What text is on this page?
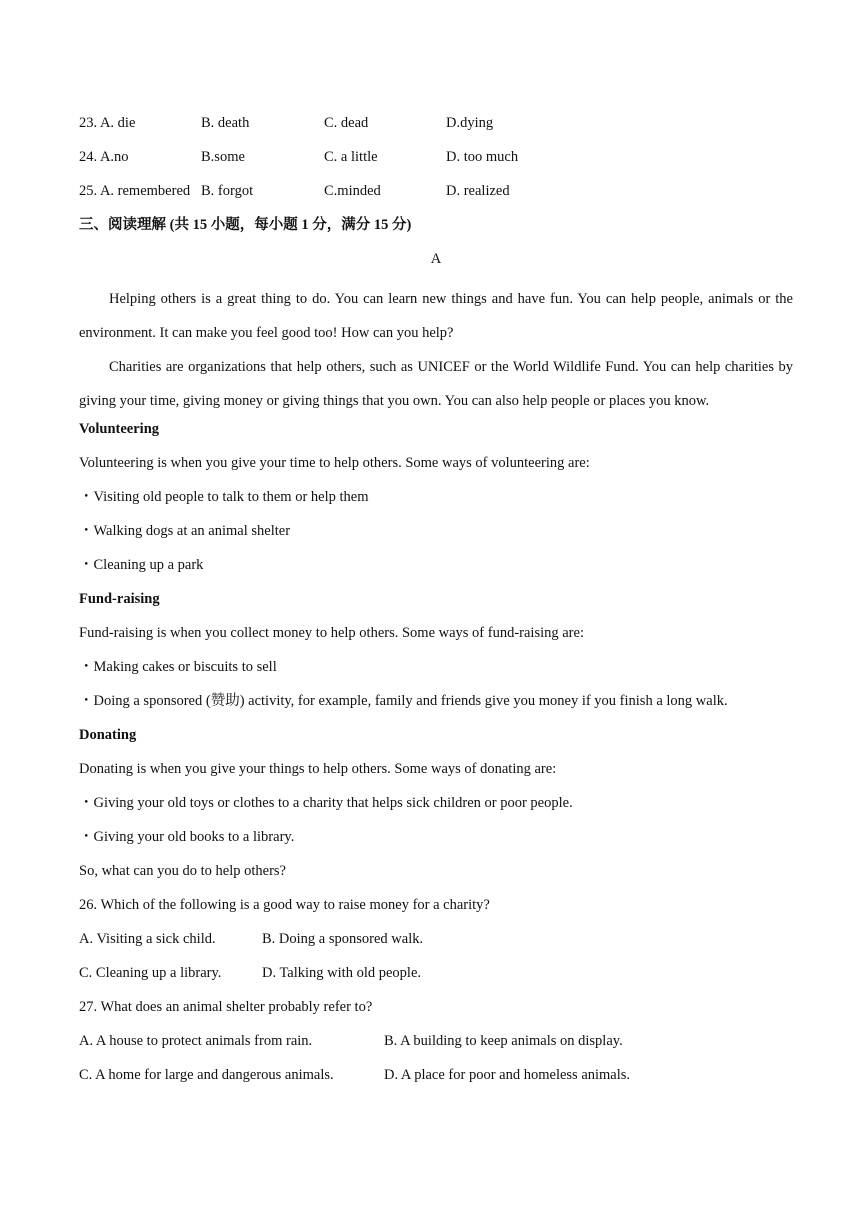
23. A. die	B. death	C. dead	D.dying
24. A.no	B.some	C. a little	D. too much
25. A. remembered B. forgot	C.minded	D. realized
三、阅读理解 (共 15 小题，每小题 1 分，满分 15 分)
A

Helping others is a great thing to do. You can learn new things and have fun. You can help people, animals or the environment. It can make you feel good too! How can you help?

Charities are organizations that help others, such as UNICEF or the World Wildlife Fund. You can help charities by giving your time, giving money or giving things that you own. You can also help people or places you know.

Volunteering
Volunteering is when you give your time to help others. Some ways of volunteering are:
・Visiting old people to talk to them or help them
・Walking dogs at an animal shelter
・Cleaning up a park
Fund-raising
Fund-raising is when you collect money to help others. Some ways of fund-raising are:
・Making cakes or biscuits to sell
・Doing a sponsored (赞助) activity, for example, family and friends give you money if you finish a long walk.
Donating
Donating is when you give your things to help others. Some ways of donating are:
・Giving your old toys or clothes to a charity that helps sick children or poor people.
・Giving your old books to a library.
So, what can you do to help others?
26. Which of the following is a good way to raise money for a charity?
A. Visiting a sick child.	B. Doing a sponsored walk.
C. Cleaning up a library.	D. Talking with old people.
27. What does an animal shelter probably refer to?
A. A house to protect animals from rain.	B. A building to keep animals on display.
C. A home for large and dangerous animals.	D. A place for poor and homeless animals.
